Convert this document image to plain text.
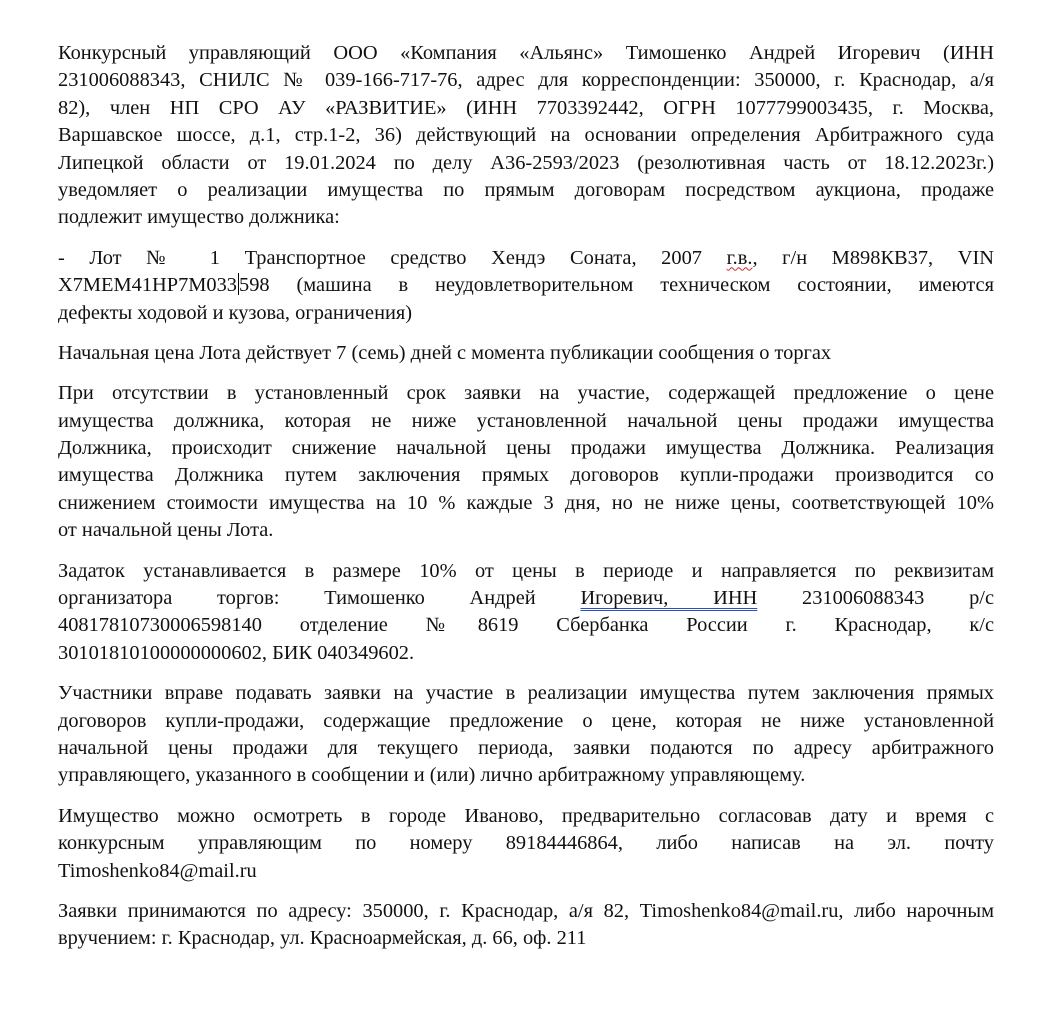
Конкурсный управляющий ООО «Компания «Альянс» Тимошенко Андрей Игоревич (ИНН
231006088343, СНИЛС № 039-166-717-76, адрес для корреспонденции: 350000, г. Краснодар, а/я
82), член НП СРО АУ «РАЗВИТИЕ» (ИНН 7703392442, ОГРН 1077799003435, г. Москва,
Варшавское шоссе, д.1, стр.1-2, 36) действующий на основании определения Арбитражного суда
Липецкой области от 19.01.2024 по делу А36-2593/2023 (резолютивная часть от 18.12.2023г.)
уведомляет о реализации имущества по прямым договорам посредством аукциона, продаже
подлежит имущество должника:
- Лот № 1 Транспортное средство Хендэ Соната, 2007 г.в., г/н М898КВ37, VIN
X7MEM41HP7M033598 (машина в неудовлетворительном техническом состоянии, имеются
дефекты ходовой и кузова, ограничения)
Начальная цена Лота действует 7 (семь) дней с момента публикации сообщения о торгах
При отсутствии в установленный срок заявки на участие, содержащей предложение о цене
имущества должника, которая не ниже установленной начальной цены продажи имущества
Должника, происходит снижение начальной цены продажи имущества Должника. Реализация
имущества Должника путем заключения прямых договоров купли-продажи производится со
снижением стоимости имущества на 10 % каждые 3 дня, но не ниже цены, соответствующей 10%
от начальной цены Лота.
Задаток устанавливается в размере 10% от цены в периоде и направляется по реквизитам
организатора торгов: Тимошенко Андрей Игоревич, ИНН 231006088343 р/с
40817810730006598140 отделение №8619 Сбербанка России г. Краснодар, к/с
30101810100000000602, БИК 040349602.
Участники вправе подавать заявки на участие в реализации имущества путем заключения прямых
договоров купли-продажи, содержащие предложение о цене, которая не ниже установленной
начальной цены продажи для текущего периода, заявки подаются по адресу арбитражного
управляющего, указанного в сообщении и (или) лично арбитражному управляющему.
Имущество можно осмотреть в городе Иваново, предварительно согласовав дату и время с
конкурсным управляющим по номеру 89184446864, либо написав на эл. почту
Timoshenko84@mail.ru
Заявки принимаются по адресу: 350000, г. Краснодар, а/я 82, Timoshenko84@mail.ru, либо нарочным
вручением: г. Краснодар, ул. Красноармейская, д. 66, оф. 211
